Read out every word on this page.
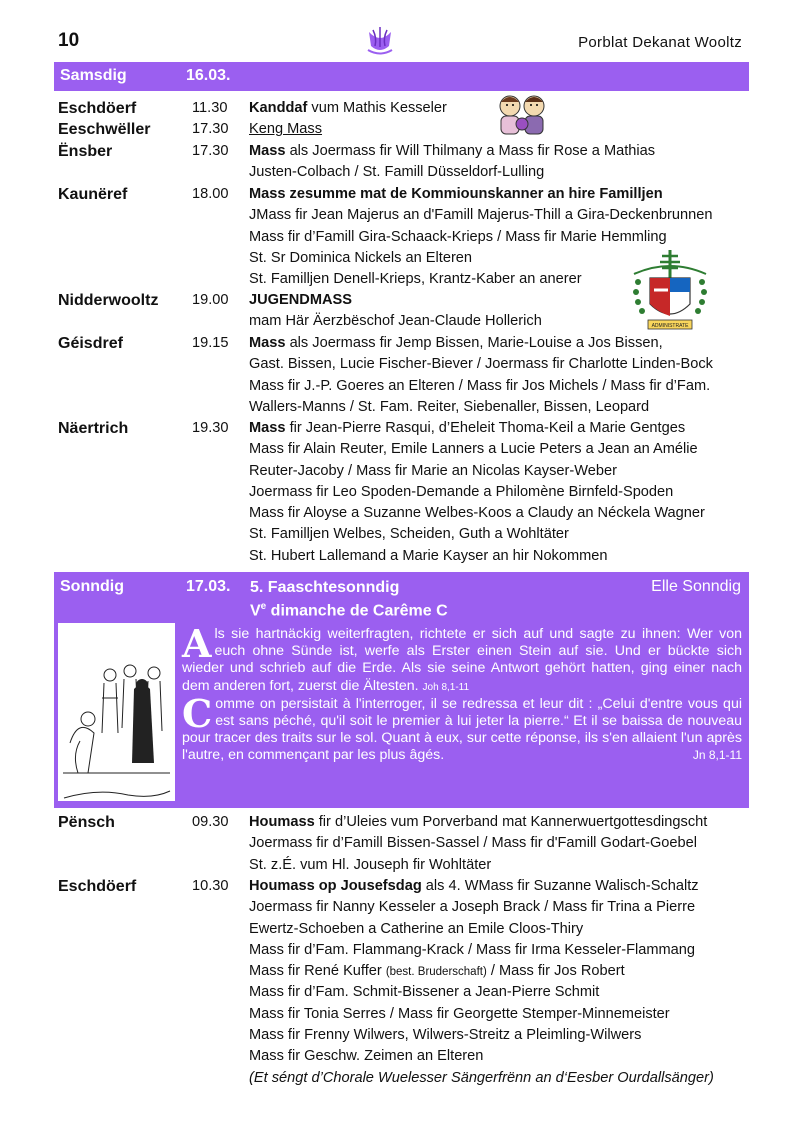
10	Porblat Dekanat Wooltz
Samsdig	16.03.
Eschdöerf	11.30 Kanddaf vum Mathis Kesseler
Eeschwëller	17.30 Keng Mass
Ënsber	17.30 Mass als Joermass fir Will Thilmany a Mass fir Rose a Mathias
Justen-Colbach / St. Famill Düsseldorf-Lulling
Kaunëref	18.00 Mass zesumme mat de Kommiounskanner an hire Familljen
JMass fir Jean Majerus an d'Famill Majerus-Thill a Gira-Deckenbrunnen
Mass fir d’Famill Gira-Schaack-Krieps / Mass fir Marie Hemmling
St. Sr Dominica Nickels an Elteren
St. Familljen Denell-Krieps, Krantz-Kaber an anerer
Nidderwooltz 19.00 JUGENDMASS
mam Här Äerzbëschof Jean-Claude Hollerich
Géisdref	19.15 Mass als Joermass fir Jemp Bissen, Marie-Louise a Jos Bissen,
Gast. Bissen, Lucie Fischer-Biever / Joermass fir Charlotte Linden-Bock
Mass fir J.-P. Goeres an Elteren / Mass fir Jos Michels / Mass fir d’Fam.
Wallers-Manns / St. Fam. Reiter, Siebenaller, Bissen, Leopard
Näertrich	19.30 Mass fir Jean-Pierre Rasqui, d’Eheleit Thoma-Keil a Marie Gentges
Mass fir Alain Reuter, Emile Lanners a Lucie Peters a Jean an Amélie
Reuter-Jacoby / Mass fir Marie an Nicolas Kayser-Weber
Joermass fir Leo Spoden-Demande a Philomène Birnfeld-Spoden
Mass fir Aloyse a Suzanne Welbes-Koos a Claudy an Néckela Wagner
St. Familljen Welbes, Scheiden, Guth a Wohltäter
St. Hubert Lallemand a Marie Kayser an hir Nokommen
ADMINISTRATE
Sonndig	17.03. 5. Faaschtesonndig
Ve dimanche de Carême C
Elle Sonndig

Als sie hartnäckig weiterfragten, richtete er sich auf und sagte zu ihnen: Wer von euch ohne Sünde ist, werfe als Erster einen Stein auf sie. Und er bückte sich wieder und schrieb auf die Erde. Als sie seine Antwort gehört hatten, ging einer nach dem anderen fort, zuerst die Ältesten. Joh 8,1-11

Comme on persistait à l'interroger, il se redressa et leur dit : „Celui d'entre vous qui est sans péché, qu'il soit le premier à lui jeter la pierre.“ Et il se baissa de nouveau pour tracer des traits sur le sol. Quant à eux, sur cette réponse, ils s'en allaient l'un après l'autre, en commençant par les plus âgés.	Jn 8,1-11

Pënsch	09.30 Houmass fir d’Uleies vum Porverband mat Kannerwuertgottesdingscht
Joermass fir d’Famill Bissen-Sassel / Mass fir d'Famill Godart-Goebel
St. z.É. vum Hl. Jouseph fir Wohltäter
Eschdöerf	10.30 Houmass op Jousefsdag als 4. WMass fir Suzanne Walisch-Schaltz
Joermass fir Nanny Kesseler a Joseph Brack / Mass fir Trina a Pierre
Ewertz-Schoeben a Catherine an Emile Cloos-Thiry
Mass fir d’Fam. Flammang-Krack / Mass fir Irma Kesseler-Flammang
Mass fir René Kuffer (best. Bruderschaft) / Mass fir Jos Robert
Mass fir d’Fam. Schmit-Bissener a Jean-Pierre Schmit
Mass fir Tonia Serres / Mass fir Georgette Stemper-Minnemeister
Mass fir Frenny Wilwers, Wilwers-Streitz a Pleimling-Wilwers
Mass fir Geschw. Zeimen an Elteren
(Et séngt d’Chorale Wuelesser Sängerfrënn an d‘Eesber Ourdallsänger)
